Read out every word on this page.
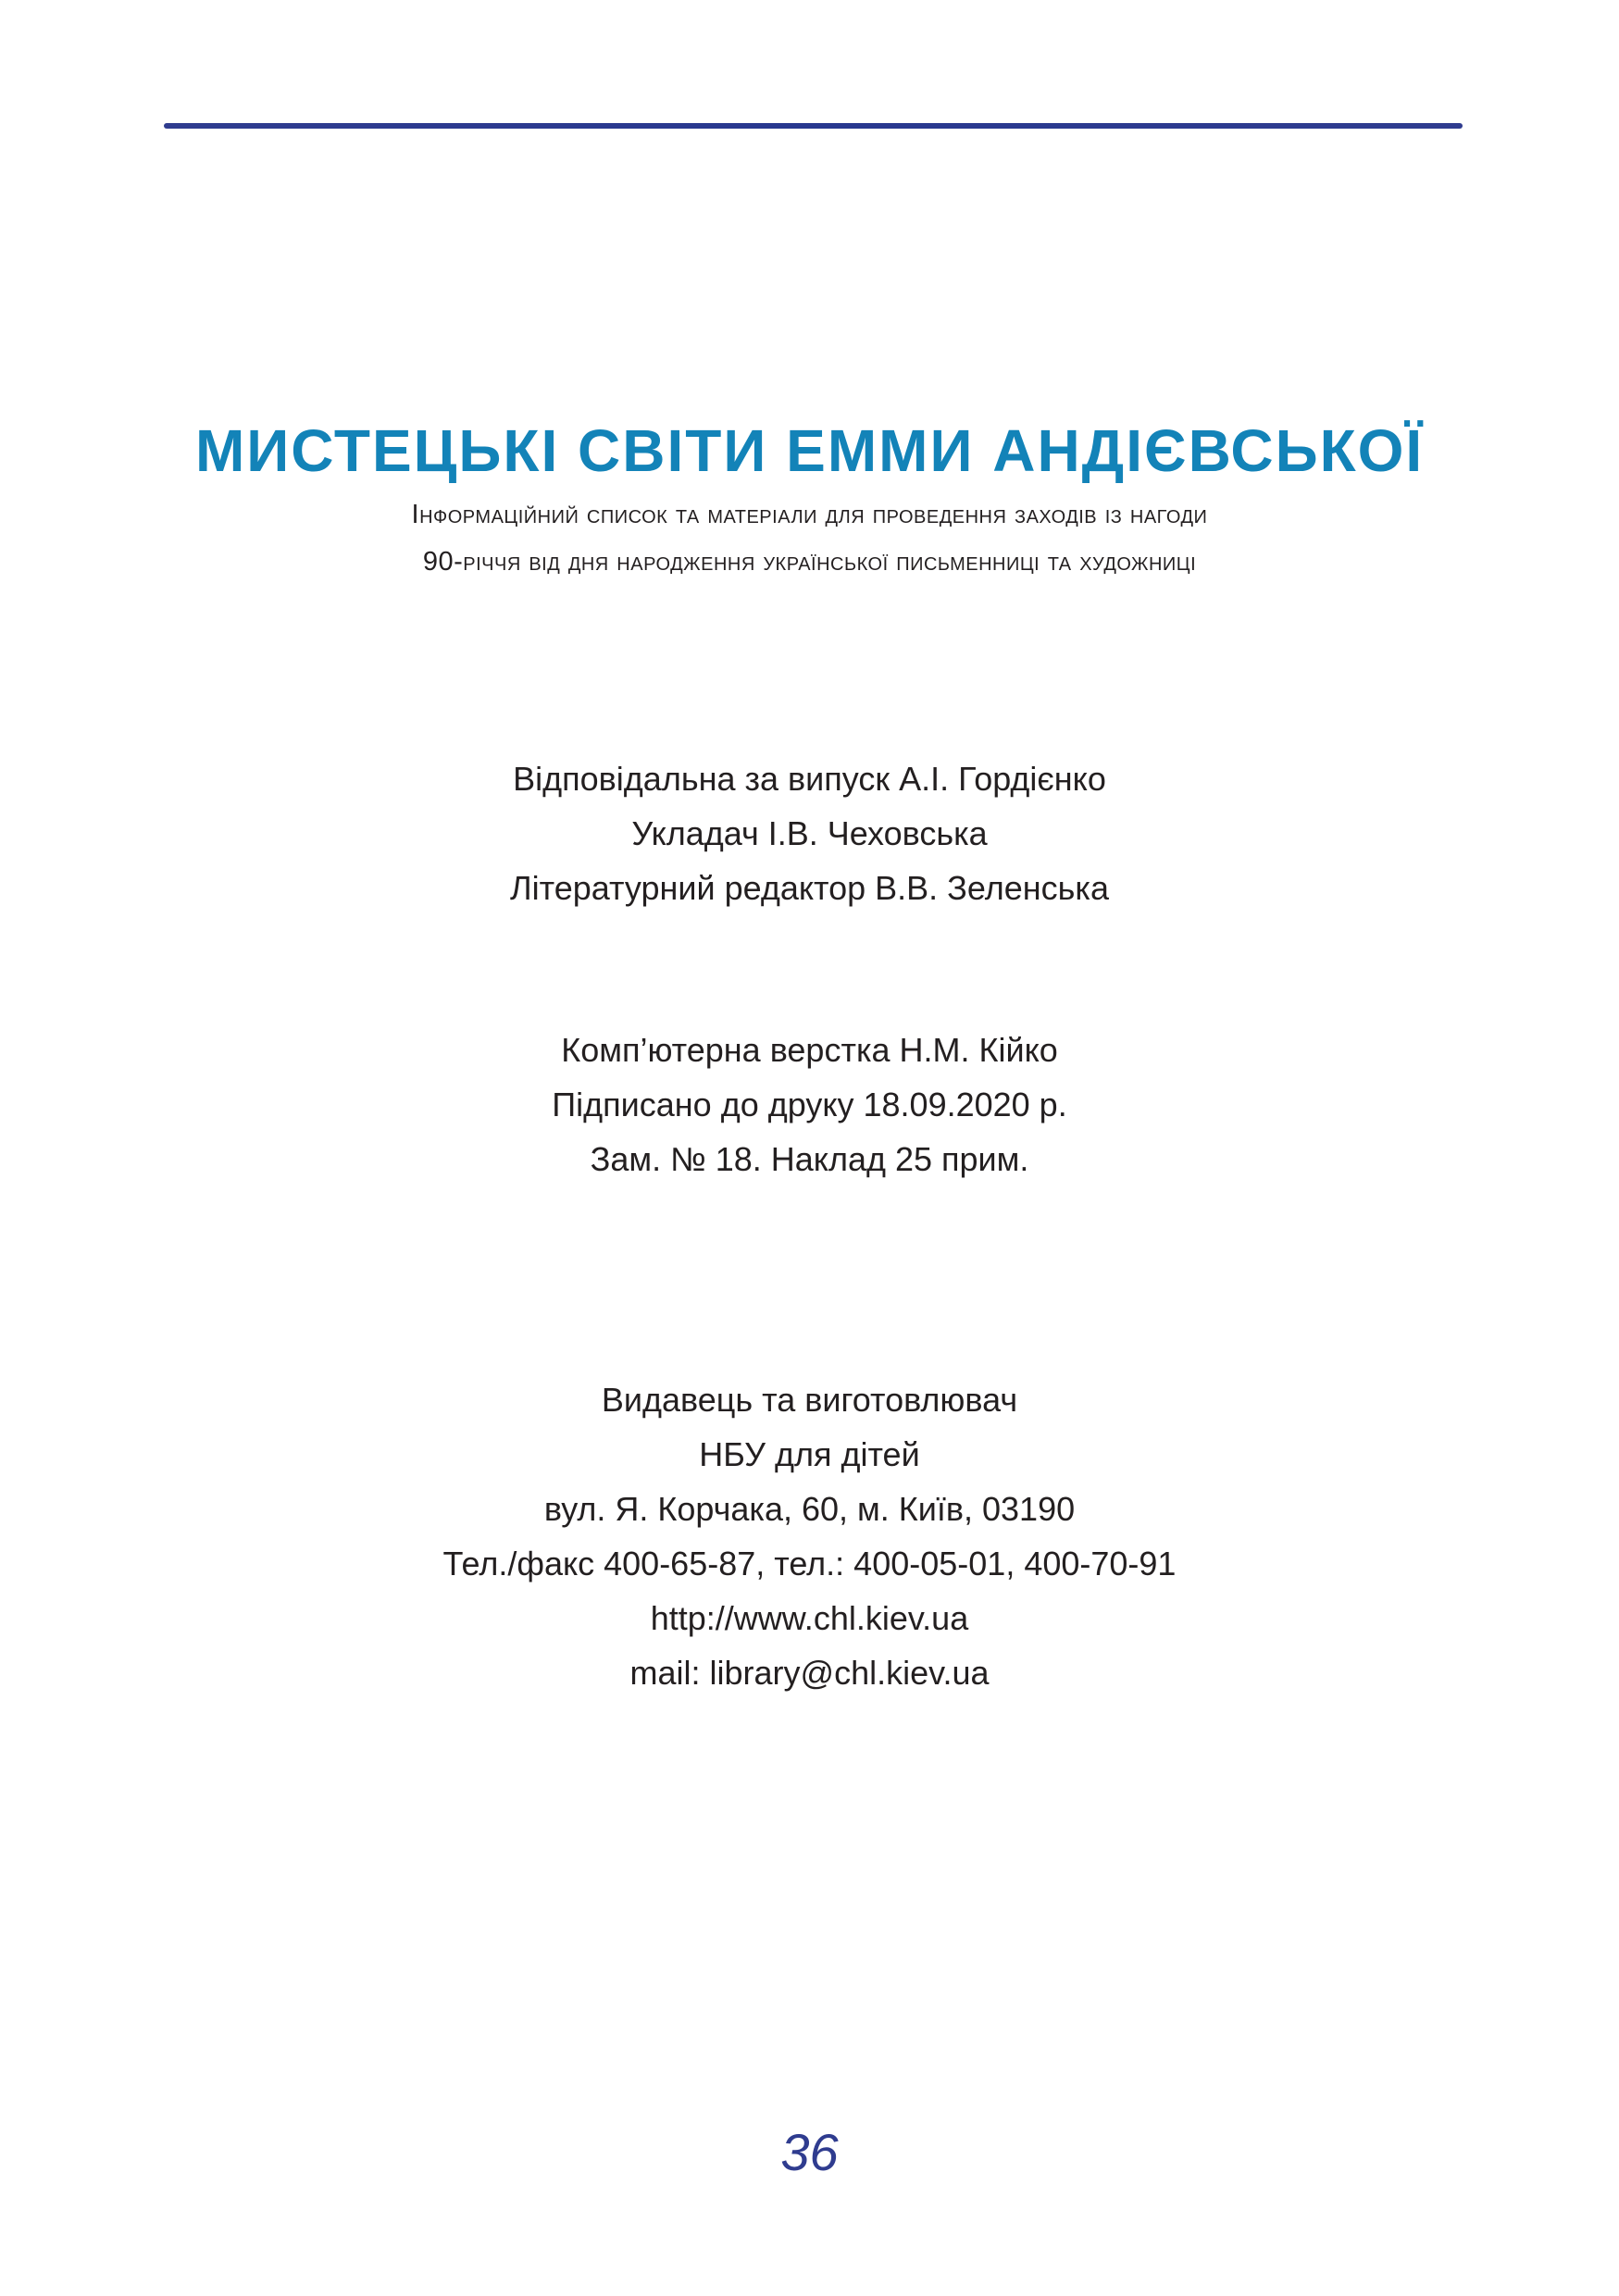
МИСТЕЦЬКІ СВІТИ ЕММИ АНДІЄВСЬКОЇ
Інформаційний список та матеріали для проведення заходів із нагоди
90-річчя від дня народження української письменниці та художниці
Відповідальна за випуск А.І. Гордієнко
Укладач І.В. Чеховська
Літературний редактор В.В. Зеленська
Комп’ютерна верстка Н.М. Кійко
Підписано до друку 18.09.2020 р.
Зам. № 18. Наклад 25 прим.
Видавець та виготовлювач
НБУ для дітей
вул. Я. Корчака, 60, м. Київ, 03190
Тел./факс 400-65-87, тел.: 400-05-01, 400-70-91
http://www.chl.kiev.ua
mail: library@chl.kiev.ua
36
